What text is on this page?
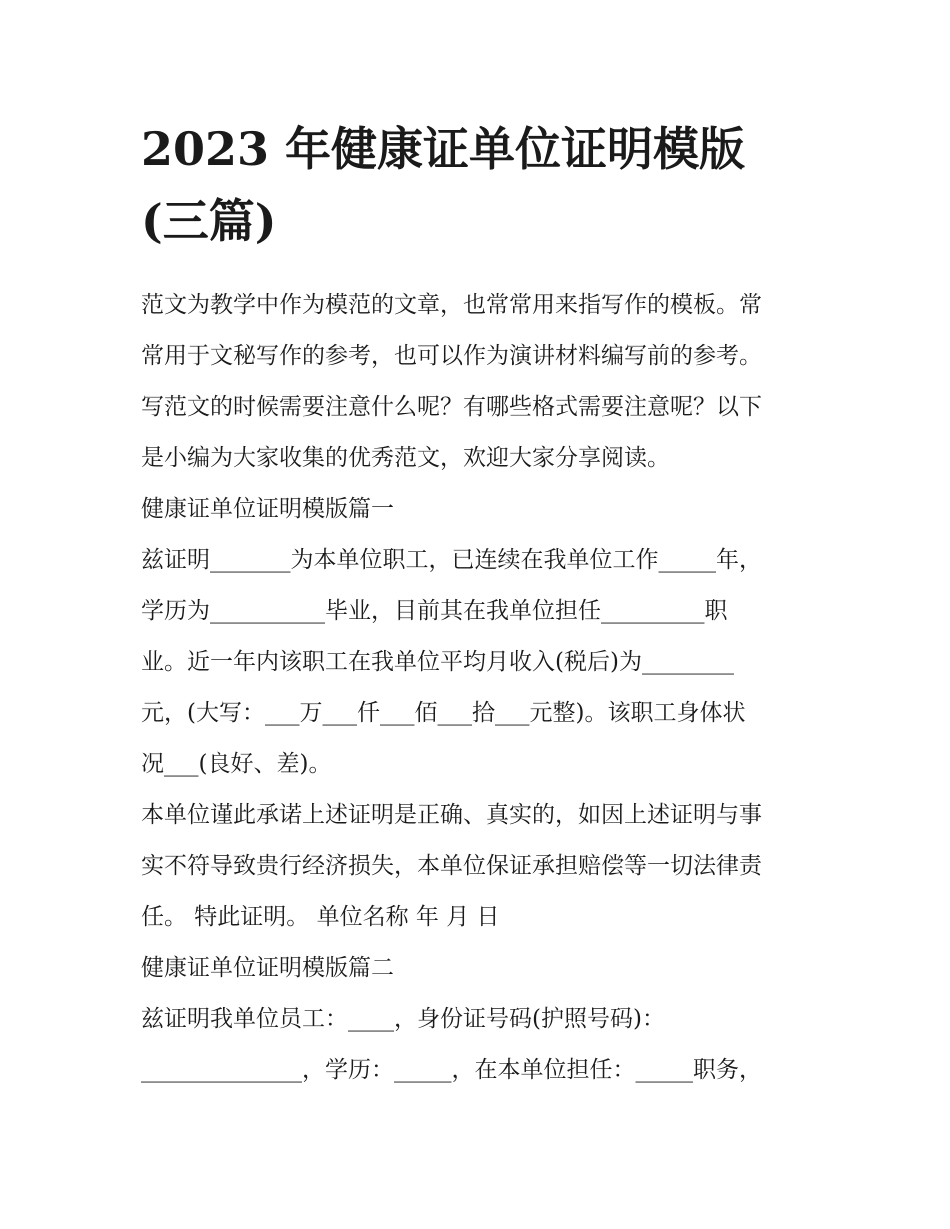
2023 年健康证单位证明模版
(三篇)
范文为教学中作为模范的文章，也常常用来指写作的模板。常
常用于文秘写作的参考，也可以作为演讲材料编写前的参考。
写范文的时候需要注意什么呢？有哪些格式需要注意呢？以下
是小编为大家收集的优秀范文，欢迎大家分享阅读。
健康证单位证明模版篇一
兹证明_______为本单位职工，已连续在我单位工作_____年，
学历为__________毕业，目前其在我单位担任_________职
业。近一年内该职工在我单位平均月收入(税后)为________
元，(大写：___万___仟___佰___拾___元整)。该职工身体状
况___(良好、差)。
本单位谨此承诺上述证明是正确、真实的，如因上述证明与事
实不符导致贵行经济损失，本单位保证承担赔偿等一切法律责
任。 特此证明。 单位名称 年 月 日
健康证单位证明模版篇二
兹证明我单位员工：____，身份证号码(护照号码)：
______________，学历：_____，在本单位担任：_____职务，
